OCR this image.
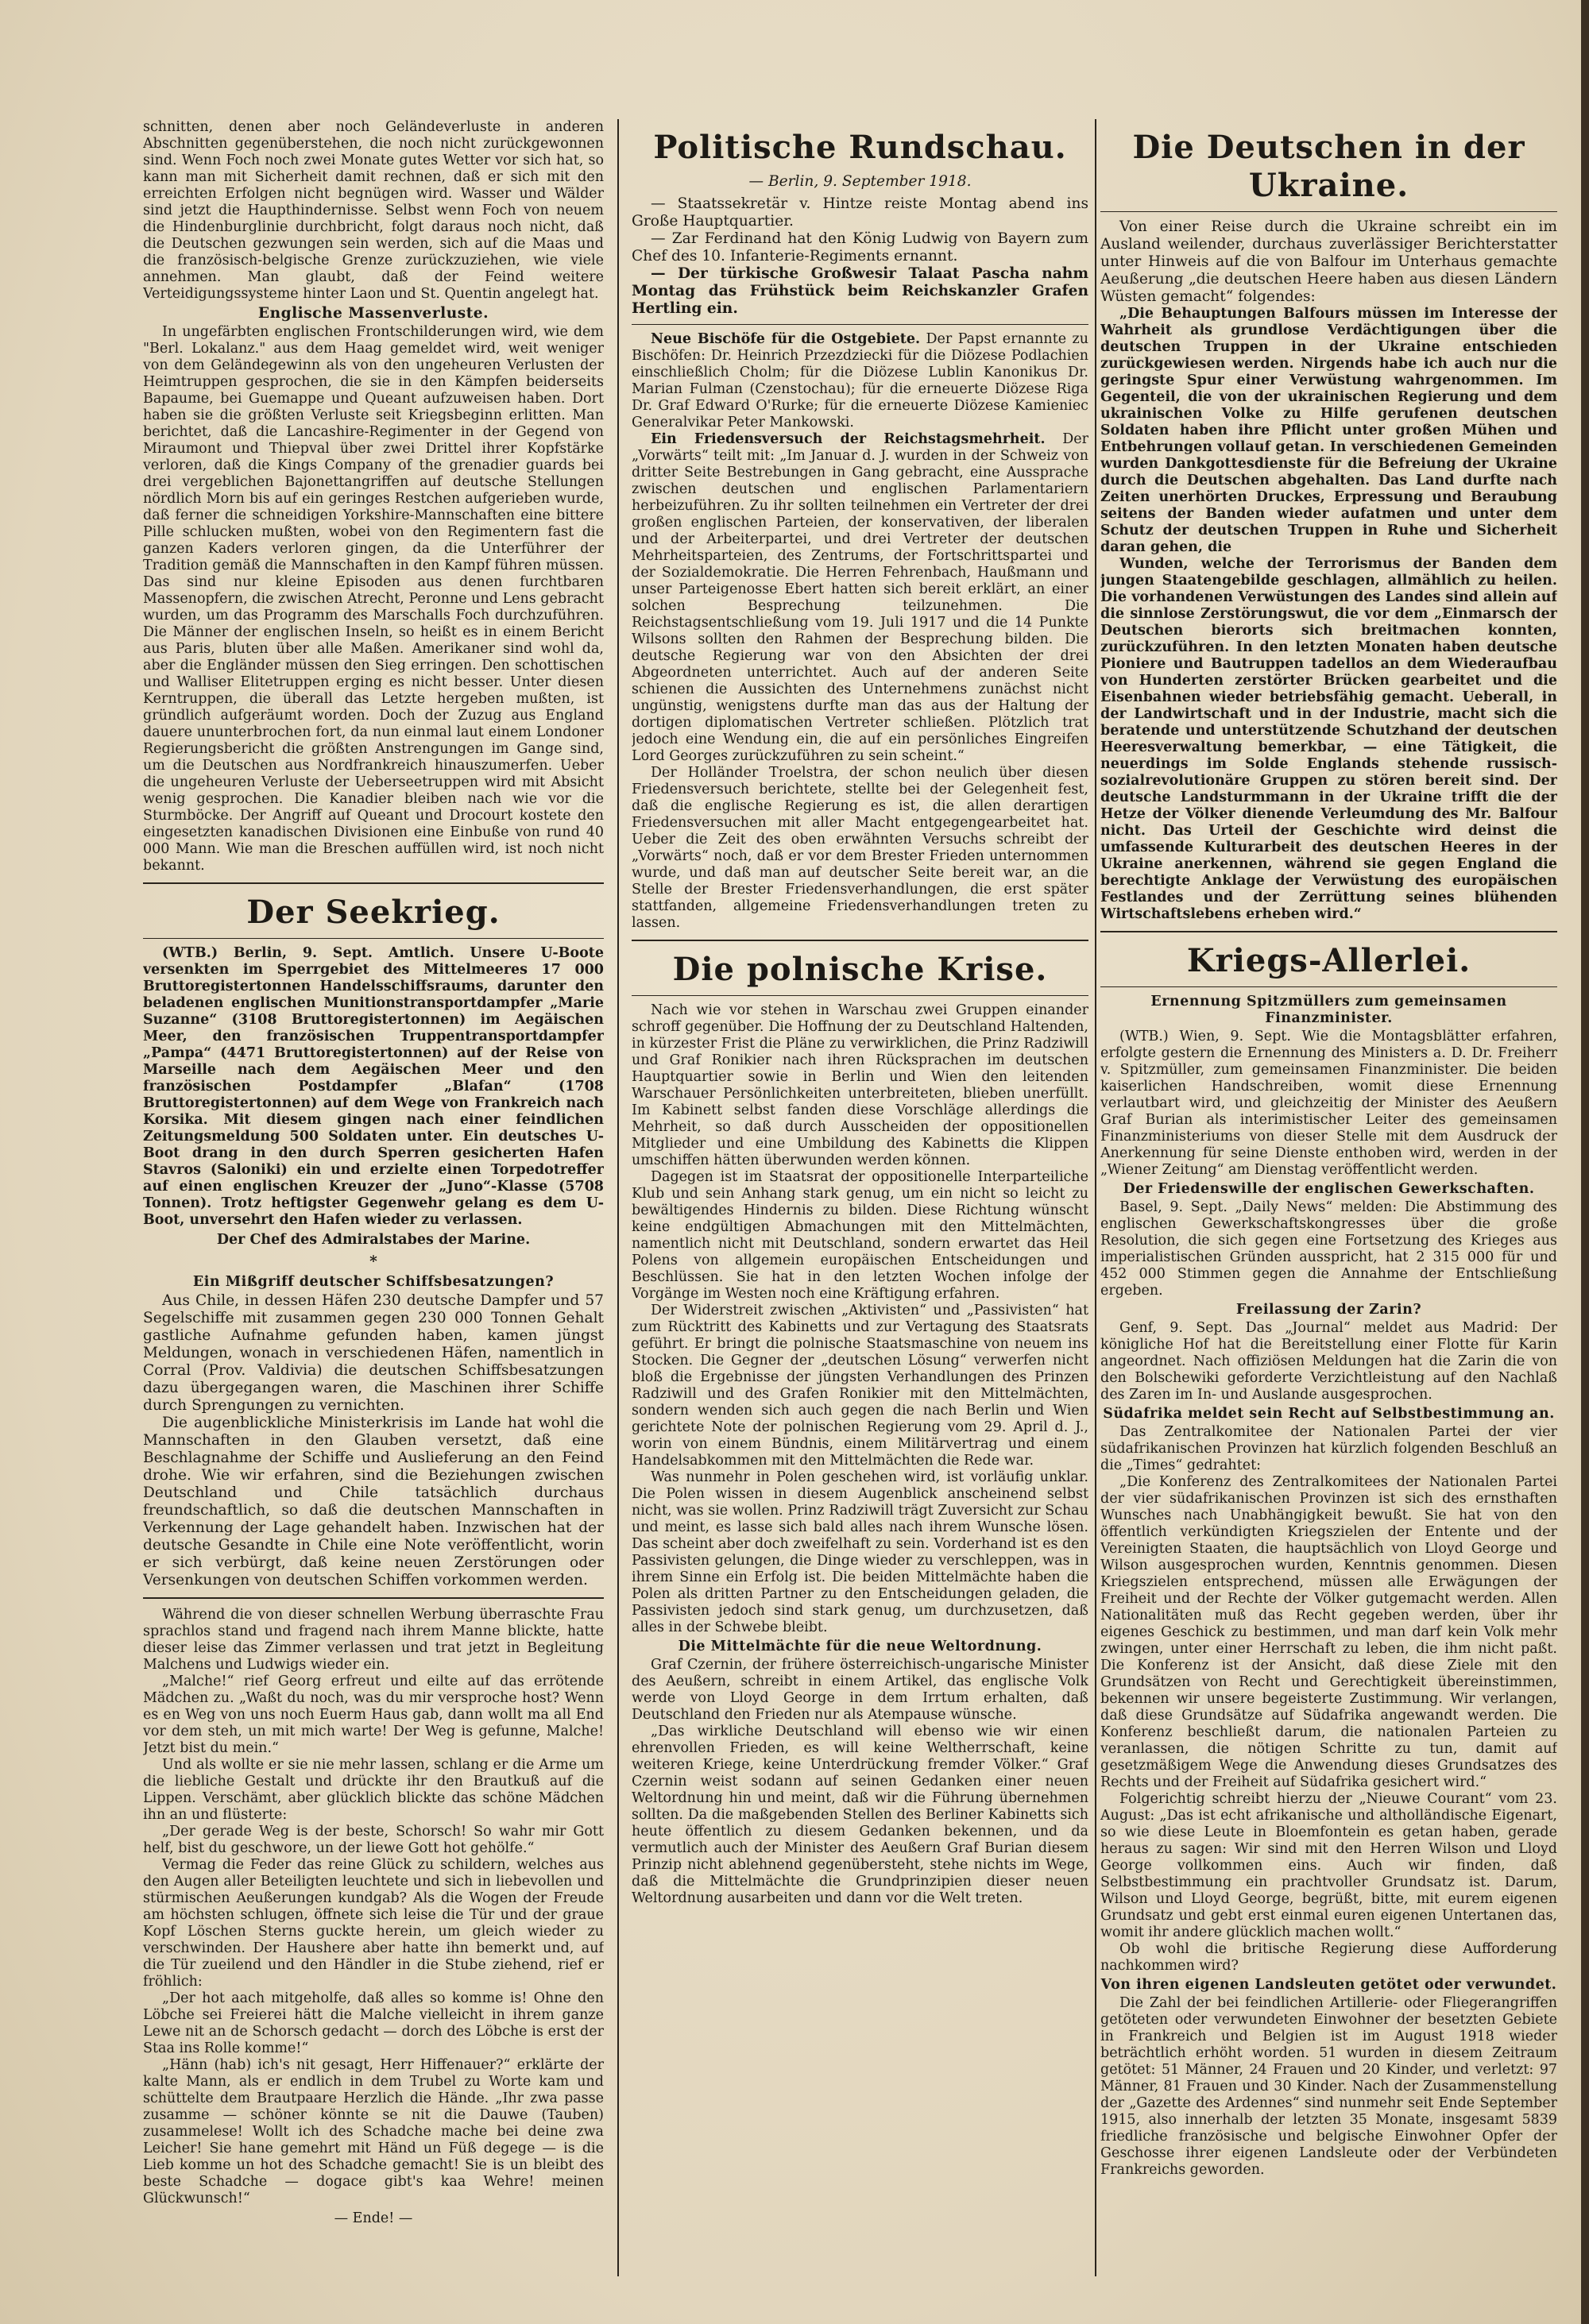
schnitten, denen aber noch Geländeverluste in anderen Abschnitten gegenüberstehen, die noch nicht zurückgewonnen sind. Wenn Foch noch zwei Monate gutes Wetter vor sich hat, so kann man mit Sicherheit damit rechnen, daß er sich mit den erreichten Erfolgen nicht begnügen wird. Wasser und Wälder sind jetzt die Haupthindernisse. Selbst wenn Foch von neuem die Hindenburglinie durchbricht, folgt daraus noch nicht, daß die Deutschen gezwungen sein werden, sich auf die Maas und die französisch-belgische Grenze zurückzuziehen, wie viele annehmen. Man glaubt, daß der Feind weitere Verteidigungssysteme hinter Laon und St. Quentin angelegt hat.

Englische Massenverluste.

In ungefärbten englischen Frontschilderungen wird, wie dem "Berl. Lokalanz." aus dem Haag gemeldet wird, weit weniger von dem Geländegewinn als von den ungeheuren Verlusten der Heimtruppen gesprochen, die sie in den Kämpfen beiderseits Bapaume, bei Guemappe und Queant aufzuweisen haben. Dort haben sie die größten Verluste seit Kriegsbeginn erlitten. Man berichtet, daß die Lancashire-Regimenter in der Gegend von Miraumont und Thiepval über zwei Drittel ihrer Kopfstärke verloren, daß die Kings Company of the grenadier guards bei drei vergeblichen Bajonettangriffen auf deutsche Stellungen nördlich Morn bis auf ein geringes Restchen aufgerieben wurde, daß ferner die schneidigen Yorkshire-Mannschaften eine bittere Pille schlucken mußten, wobei von den Regimentern fast die ganzen Kaders verloren gingen, da die Unterführer der Tradition gemäß die Mannschaften in den Kampf führen müssen. Das sind nur kleine Episoden aus denen furchtbaren Massenopfern, die zwischen Atrecht, Peronne und Lens gebracht wurden, um das Programm des Marschalls Foch durchzuführen. Die Männer der englischen Inseln, so heißt es in einem Bericht aus Paris, bluten über alle Maßen. Amerikaner sind wohl da, aber die Engländer müssen den Sieg erringen. Den schottischen und Walliser Elitetruppen erging es nicht besser. Unter diesen Kerntruppen, die überall das Letzte hergeben mußten, ist gründlich aufgeräumt worden. Doch der Zuzug aus England dauere ununterbrochen fort, da nun einmal laut einem Londoner Regierungsbericht die größten Anstrengungen im Gange sind, um die Deutschen aus Nordfrankreich hinauszumerfen. Ueber die ungeheuren Verluste der Ueberseetruppen wird mit Absicht wenig gesprochen. Die Kanadier bleiben nach wie vor die Sturmböcke. Der Angriff auf Queant und Drocourt kostete den eingesetzten kanadischen Divisionen eine Einbuße von rund 40 000 Mann. Wie man die Breschen auffüllen wird, ist noch nicht bekannt.

Der Seekrieg.

(WTB.) Berlin, 9. Sept. Amtlich. Unsere U-Boote versenkten im Sperrgebiet des Mittelmeeres 17 000 Bruttoregistertonnen Handelsschiffsraums, darunter den beladenen englischen Munitionstransportdampfer „Marie Suzanne“ (3108 Bruttoregistertonnen) im Aegäischen Meer, den französischen Truppentransportdampfer „Pampa“ (4471 Bruttoregistertonnen) auf der Reise von Marseille nach dem Aegäischen Meer und den französischen Postdampfer „Blafan“ (1708 Bruttoregistertonnen) auf dem Wege von Frankreich nach Korsika. Mit diesem gingen nach einer feindlichen Zeitungsmeldung 500 Soldaten unter. Ein deutsches U-Boot drang in den durch Sperren gesicherten Hafen Stavros (Saloniki) ein und erzielte einen Torpedotreffer auf einen englischen Kreuzer der „Juno“-Klasse (5708 Tonnen). Trotz heftigster Gegenwehr gelang es dem U-Boot, unversehrt den Hafen wieder zu verlassen.

Der Chef des Admiralstabes der Marine.
*
Ein Mißgriff deutscher Schiffsbesatzungen?

Aus Chile, in dessen Häfen 230 deutsche Dampfer und 57 Segelschiffe mit zusammen gegen 230 000 Tonnen Gehalt gastliche Aufnahme gefunden haben, kamen jüngst Meldungen, wonach in verschiedenen Häfen, namentlich in Corral (Prov. Valdivia) die deutschen Schiffsbesatzungen dazu übergegangen waren, die Maschinen ihrer Schiffe durch Sprengungen zu vernichten.

Die augenblickliche Ministerkrisis im Lande hat wohl die Mannschaften in den Glauben versetzt, daß eine Beschlagnahme der Schiffe und Auslieferung an den Feind drohe. Wie wir erfahren, sind die Beziehungen zwischen Deutschland und Chile tatsächlich durchaus freundschaftlich, so daß die deutschen Mannschaften in Verkennung der Lage gehandelt haben. Inzwischen hat der deutsche Gesandte in Chile eine Note veröffentlicht, worin er sich verbürgt, daß keine neuen Zerstörungen oder Versenkungen von deutschen Schiffen vorkommen werden.

Während die von dieser schnellen Werbung überraschte Frau sprachlos stand und fragend nach ihrem Manne blickte, hatte dieser leise das Zimmer verlassen und trat jetzt in Begleitung Malchens und Ludwigs wieder ein.

„Malche!“ rief Georg erfreut und eilte auf das errötende Mädchen zu. „Waßt du noch, was du mir versproche host? Wenn es en Weg von uns noch Euerm Haus gab, dann wollt ma all End vor dem steh, un mit mich warte! Der Weg is gefunne, Malche! Jetzt bist du mein.“

Und als wollte er sie nie mehr lassen, schlang er die Arme um die liebliche Gestalt und drückte ihr den Brautkuß auf die Lippen. Verschämt, aber glücklich blickte das schöne Mädchen ihn an und flüsterte:

„Der gerade Weg is der beste, Schorsch! So wahr mir Gott helf, bist du geschwore, un der liewe Gott hot gehölfe.“

Vermag die Feder das reine Glück zu schildern, welches aus den Augen aller Beteiligten leuchtete und sich in liebevollen und stürmischen Aeußerungen kundgab? Als die Wogen der Freude am höchsten schlugen, öffnete sich leise die Tür und der graue Kopf Löschen Sterns guckte herein, um gleich wieder zu verschwinden. Der Haushere aber hatte ihn bemerkt und, auf die Tür zueilend und den Händler in die Stube ziehend, rief er fröhlich:

„Der hot aach mitgeholfe, daß alles so komme is! Ohne den Löbche sei Freierei hätt die Malche vielleicht in ihrem ganze Lewe nit an de Schorsch gedacht — dorch des Löbche is erst der Staa ins Rolle komme!“

„Hänn (hab) ich's nit gesagt, Herr Hiffenauer?“ erklärte der kalte Mann, als er endlich in dem Trubel zu Worte kam und schüttelte dem Brautpaare Herzlich die Hände. „Ihr zwa passe zusamme — schöner könnte se nit die Dauwe (Tauben) zusammelese! Wollt ich des Schadche mache bei deine zwa Leicher! Sie hane gemehrt mit Händ un Füß degege — is die Lieb komme un hot des Schadche gemacht! Sie is un bleibt des beste Schadche — dogace gibt's kaa Wehre! meinen Glückwunsch!“

— Ende! —
Politische Rundschau.
— Berlin, 9. September 1918.

— Staatssekretär v. Hintze reiste Montag abend ins Große Hauptquartier.

— Zar Ferdinand hat den König Ludwig von Bayern zum Chef des 10. Infanterie-Regiments ernannt.

— Der türkische Großwesir Talaat Pascha nahm Montag das Frühstück beim Reichskanzler Grafen Hertling ein.

Neue Bischöfe für die Ostgebiete. Der Papst ernannte zu Bischöfen: Dr. Heinrich Przezdziecki für die Diözese Podlachien einschließlich Cholm; für die Diözese Lublin Kanonikus Dr. Marian Fulman (Czenstochau); für die erneuerte Diözese Riga Dr. Graf Edward O'Rurke; für die erneuerte Diözese Kamieniec Generalvikar Peter Mankowski.

Ein Friedensversuch der Reichstagsmehrheit. Der „Vorwärts“ teilt mit: „Im Januar d. J. wurden in der Schweiz von dritter Seite Bestrebungen in Gang gebracht, eine Aussprache zwischen deutschen und englischen Parlamentariern herbeizuführen. Zu ihr sollten teilnehmen ein Vertreter der drei großen englischen Parteien, der konservativen, der liberalen und der Arbeiterpartei, und drei Vertreter der deutschen Mehrheitsparteien, des Zentrums, der Fortschrittspartei und der Sozialdemokratie. Die Herren Fehrenbach, Haußmann und unser Parteigenosse Ebert hatten sich bereit erklärt, an einer solchen Besprechung teilzunehmen. Die Reichstagsentschließung vom 19. Juli 1917 und die 14 Punkte Wilsons sollten den Rahmen der Besprechung bilden. Die deutsche Regierung war von den Absichten der drei Abgeordneten unterrichtet. Auch auf der anderen Seite schienen die Aussichten des Unternehmens zunächst nicht ungünstig, wenigstens durfte man das aus der Haltung der dortigen diplomatischen Vertreter schließen. Plötzlich trat jedoch eine Wendung ein, die auf ein persönliches Eingreifen Lord Georges zurückzuführen zu sein scheint.“

Der Holländer Troelstra, der schon neulich über diesen Friedensversuch berichtete, stellte bei der Gelegenheit fest, daß die englische Regierung es ist, die allen derartigen Friedensversuchen mit aller Macht entgegengearbeitet hat. Ueber die Zeit des oben erwähnten Versuchs schreibt der „Vorwärts“ noch, daß er vor dem Brester Frieden unternommen wurde, und daß man auf deutscher Seite bereit war, an die Stelle der Brester Friedensverhandlungen, die erst später stattfanden, allgemeine Friedensverhandlungen treten zu lassen.

Die polnische Krise.

Nach wie vor stehen in Warschau zwei Gruppen einander schroff gegenüber. Die Hoffnung der zu Deutschland Haltenden, in kürzester Frist die Pläne zu verwirklichen, die Prinz Radziwill und Graf Ronikier nach ihren Rücksprachen im deutschen Hauptquartier sowie in Berlin und Wien den leitenden Warschauer Persönlichkeiten unterbreiteten, blieben unerfüllt. Im Kabinett selbst fanden diese Vorschläge allerdings die Mehrheit, so daß durch Ausscheiden der oppositionellen Mitglieder und eine Umbildung des Kabinetts die Klippen umschiffen hätten überwunden werden können.

Dagegen ist im Staatsrat der oppositionelle Interparteiliche Klub und sein Anhang stark genug, um ein nicht so leicht zu bewältigendes Hindernis zu bilden. Diese Richtung wünscht keine endgültigen Abmachungen mit den Mittelmächten, namentlich nicht mit Deutschland, sondern erwartet das Heil Polens von allgemein europäischen Entscheidungen und Beschlüssen. Sie hat in den letzten Wochen infolge der Vorgänge im Westen noch eine Kräftigung erfahren.

Der Widerstreit zwischen „Aktivisten“ und „Passivisten“ hat zum Rücktritt des Kabinetts und zur Vertagung des Staatsrats geführt. Er bringt die polnische Staatsmaschine von neuem ins Stocken. Die Gegner der „deutschen Lösung“ verwerfen nicht bloß die Ergebnisse der jüngsten Verhandlungen des Prinzen Radziwill und des Grafen Ronikier mit den Mittelmächten, sondern wenden sich auch gegen die nach Berlin und Wien gerichtete Note der polnischen Regierung vom 29. April d. J., worin von einem Bündnis, einem Militärvertrag und einem Handelsabkommen mit den Mittelmächten die Rede war.

Was nunmehr in Polen geschehen wird, ist vorläufig unklar. Die Polen wissen in diesem Augenblick anscheinend selbst nicht, was sie wollen. Prinz Radziwill trägt Zuversicht zur Schau und meint, es lasse sich bald alles nach ihrem Wunsche lösen. Das scheint aber doch zweifelhaft zu sein. Vorderhand ist es den Passivisten gelungen, die Dinge wieder zu verschleppen, was in ihrem Sinne ein Erfolg ist. Die beiden Mittelmächte haben die Polen als dritten Partner zu den Entscheidungen geladen, die Passivisten jedoch sind stark genug, um durchzusetzen, daß alles in der Schwebe bleibt.

Die Mittelmächte für die neue Weltordnung.

Graf Czernin, der frühere österreichisch-ungarische Minister des Aeußern, schreibt in einem Artikel, das englische Volk werde von Lloyd George in dem Irrtum erhalten, daß Deutschland den Frieden nur als Atempause wünsche.

„Das wirkliche Deutschland will ebenso wie wir einen ehrenvollen Frieden, es will keine Weltherrschaft, keine weiteren Kriege, keine Unterdrückung fremder Völker.“ Graf Czernin weist sodann auf seinen Gedanken einer neuen Weltordnung hin und meint, daß wir die Führung übernehmen sollten. Da die maßgebenden Stellen des Berliner Kabinetts sich heute öffentlich zu diesem Gedanken bekennen, und da vermutlich auch der Minister des Aeußern Graf Burian diesem Prinzip nicht ablehnend gegenübersteht, stehe nichts im Wege, daß die Mittelmächte die Grundprinzipien dieser neuen Weltordnung ausarbeiten und dann vor die Welt treten.

Die Deutschen in der Ukraine.

Von einer Reise durch die Ukraine schreibt ein im Ausland weilender, durchaus zuverlässiger Berichterstatter unter Hinweis auf die von Balfour im Unterhaus gemachte Aeußerung „die deutschen Heere haben aus diesen Ländern Wüsten gemacht“ folgendes:

„Die Behauptungen Balfours müssen im Interesse der Wahrheit als grundlose Verdächtigungen über die deutschen Truppen in der Ukraine entschieden zurückgewiesen werden. Nirgends habe ich auch nur die geringste Spur einer Verwüstung wahrgenommen. Im Gegenteil, die von der ukrainischen Regierung und dem ukrainischen Volke zu Hilfe gerufenen deutschen Soldaten haben ihre Pflicht unter großen Mühen und Entbehrungen vollauf getan. In verschiedenen Gemeinden wurden Dankgottesdienste für die Befreiung der Ukraine durch die Deutschen abgehalten. Das Land durfte nach Zeiten unerhörten Druckes, Erpressung und Beraubung seitens der Banden wieder aufatmen und unter dem Schutz der deutschen Truppen in Ruhe und Sicherheit daran gehen, die

Wunden, welche der Terrorismus der Banden dem jungen Staatengebilde geschlagen, allmählich zu heilen. Die vorhandenen Verwüstungen des Landes sind allein auf die sinnlose Zerstörungswut, die vor dem „Einmarsch der Deutschen bierorts sich breitmachen konnten, zurückzuführen. In den letzten Monaten haben deutsche Pioniere und Bautruppen tadellos an dem Wiederaufbau von Hunderten zerstörter Brücken gearbeitet und die Eisenbahnen wieder betriebsfähig gemacht. Ueberall, in der Landwirtschaft und in der Industrie, macht sich die beratende und unterstützende Schutzhand der deutschen Heeresverwaltung bemerkbar, — eine Tätigkeit, die neuerdings im Solde Englands stehende russisch-sozialrevolutionäre Gruppen zu stören bereit sind. Der deutsche Landsturmmann in der Ukraine trifft die der Hetze der Völker dienende Verleumdung des Mr. Balfour nicht. Das Urteil der Geschichte wird deinst die umfassende Kulturarbeit des deutschen Heeres in der Ukraine anerkennen, während sie gegen England die berechtigte Anklage der Verwüstung des europäischen Festlandes und der Zerrüttung seines blühenden Wirtschaftslebens erheben wird.“

Kriegs-Allerlei.
Ernennung Spitzmüllers zum gemeinsamen Finanzminister.

(WTB.) Wien, 9. Sept. Wie die Montagsblätter erfahren, erfolgte gestern die Ernennung des Ministers a. D. Dr. Freiherr v. Spitzmüller, zum gemeinsamen Finanzminister. Die beiden kaiserlichen Handschreiben, womit diese Ernennung verlautbart wird, und gleichzeitig der Minister des Aeußern Graf Burian als interimistischer Leiter des gemeinsamen Finanzministeriums von dieser Stelle mit dem Ausdruck der Anerkennung für seine Dienste enthoben wird, werden in der „Wiener Zeitung“ am Dienstag veröffentlicht werden.

Der Friedenswille der englischen Gewerkschaften.

Basel, 9. Sept. „Daily News“ melden: Die Abstimmung des englischen Gewerkschaftskongresses über die große Resolution, die sich gegen eine Fortsetzung des Krieges aus imperialistischen Gründen ausspricht, hat 2 315 000 für und 452 000 Stimmen gegen die Annahme der Entschließung ergeben.

Freilassung der Zarin?

Genf, 9. Sept. Das „Journal“ meldet aus Madrid: Der königliche Hof hat die Bereitstellung einer Flotte für Karin angeordnet. Nach offiziösen Meldungen hat die Zarin die von den Bolschewiki geforderte Verzichtleistung auf den Nachlaß des Zaren im In- und Auslande ausgesprochen.

Südafrika meldet sein Recht auf Selbstbestimmung an.

Das Zentralkomitee der Nationalen Partei der vier südafrikanischen Provinzen hat kürzlich folgenden Beschluß an die „Times“ gedrahtet:

„Die Konferenz des Zentralkomitees der Nationalen Partei der vier südafrikanischen Provinzen ist sich des ernsthaften Wunsches nach Unabhängigkeit bewußt. Sie hat von den öffentlich verkündigten Kriegszielen der Entente und der Vereinigten Staaten, die hauptsächlich von Lloyd George und Wilson ausgesprochen wurden, Kenntnis genommen. Diesen Kriegszielen entsprechend, müssen alle Erwägungen der Freiheit und der Rechte der Völker gutgemacht werden. Allen Nationalitäten muß das Recht gegeben werden, über ihr eigenes Geschick zu bestimmen, und man darf kein Volk mehr zwingen, unter einer Herrschaft zu leben, die ihm nicht paßt. Die Konferenz ist der Ansicht, daß diese Ziele mit den Grundsätzen von Recht und Gerechtigkeit übereinstimmen, bekennen wir unsere begeisterte Zustimmung. Wir verlangen, daß diese Grundsätze auf Südafrika angewandt werden. Die Konferenz beschließt darum, die nationalen Parteien zu veranlassen, die nötigen Schritte zu tun, damit auf gesetzmäßigem Wege die Anwendung dieses Grundsatzes des Rechts und der Freiheit auf Südafrika gesichert wird.“

Folgerichtig schreibt hierzu der „Nieuwe Courant“ vom 23. August: „Das ist echt afrikanische und altholländische Eigenart, so wie diese Leute in Bloemfontein es getan haben, gerade heraus zu sagen: Wir sind mit den Herren Wilson und Lloyd George vollkommen eins. Auch wir finden, daß Selbstbestimmung ein prachtvoller Grundsatz ist. Darum, Wilson und Lloyd George, begrüßt, bitte, mit eurem eigenen Grundsatz und gebt erst einmal euren eigenen Untertanen das, womit ihr andere glücklich machen wollt.“

Ob wohl die britische Regierung diese Aufforderung nachkommen wird?

Von ihren eigenen Landsleuten getötet oder verwundet.

Die Zahl der bei feindlichen Artillerie- oder Fliegerangriffen getöteten oder verwundeten Einwohner der besetzten Gebiete in Frankreich und Belgien ist im August 1918 wieder beträchtlich erhöht worden. 51 wurden in diesem Zeitraum getötet: 51 Männer, 24 Frauen und 20 Kinder, und verletzt: 97 Männer, 81 Frauen und 30 Kinder. Nach der Zusammenstellung der „Gazette des Ardennes“ sind nunmehr seit Ende September 1915, also innerhalb der letzten 35 Monate, insgesamt 5839 friedliche französische und belgische Einwohner Opfer der Geschosse ihrer eigenen Landsleute oder der Verbündeten Frankreichs geworden.
